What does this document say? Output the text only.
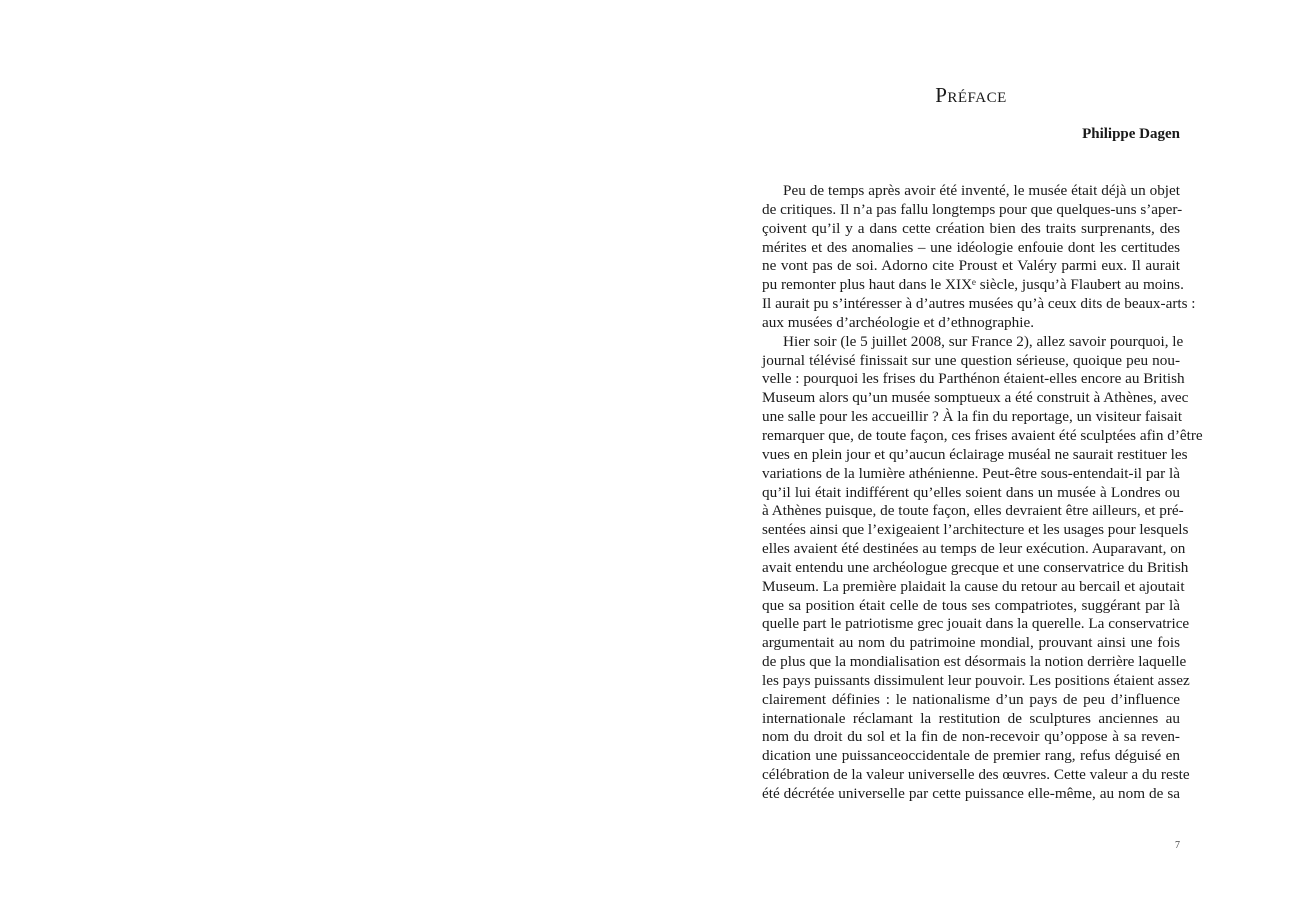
Préface

Philippe Dagen

Peu de temps après avoir été inventé, le musée était déjà un objet
de critiques. Il n’a pas fallu longtemps pour que quelques-uns s’aper-
çoivent qu’il y a dans cette création bien des traits surprenants, des
mérites et des anomalies – une idéologie enfouie dont les certitudes
ne vont pas de soi. Adorno cite Proust et Valéry parmi eux. Il aurait
pu remonter plus haut dans le XIXᵉ siècle, jusqu’à Flaubert au moins.
Il aurait pu s’intéresser à d’autres musées qu’à ceux dits de beaux-arts :
aux musées d’archéologie et d’ethnographie.
Hier soir (le 5 juillet 2008, sur France 2), allez savoir pourquoi, le
journal télévisé finissait sur une question sérieuse, quoique peu nou-
velle : pourquoi les frises du Parthénon étaient-elles encore au British
Museum alors qu’un musée somptueux a été construit à Athènes, avec
une salle pour les accueillir ? À la fin du reportage, un visiteur faisait
remarquer que, de toute façon, ces frises avaient été sculptées afin d’être
vues en plein jour et qu’aucun éclairage muséal ne saurait restituer les
variations de la lumière athénienne. Peut-être sous-entendait-il par là
qu’il lui était indifférent qu’elles soient dans un musée à Londres ou
à Athènes puisque, de toute façon, elles devraient être ailleurs, et pré-
sentées ainsi que l’exigeaient l’architecture et les usages pour lesquels
elles avaient été destinées au temps de leur exécution. Auparavant, on
avait entendu une archéologue grecque et une conservatrice du British
Museum. La première plaidait la cause du retour au bercail et ajoutait
que sa position était celle de tous ses compatriotes, suggérant par là
quelle part le patriotisme grec jouait dans la querelle. La conservatrice
argumentait au nom du patrimoine mondial, prouvant ainsi une fois
de plus que la mondialisation est désormais la notion derrière laquelle
les pays puissants dissimulent leur pouvoir. Les positions étaient assez
clairement définies : le nationalisme d’un pays de peu d’influence
internationale réclamant la restitution de sculptures anciennes au
nom du droit du sol et la fin de non-recevoir qu’oppose à sa reven-
dication une puissanceoccidentale de premier rang, refus déguisé en
célébration de la valeur universelle des œuvres. Cette valeur a du reste
été décrétée universelle par cette puissance elle-même, au nom de sa
7
